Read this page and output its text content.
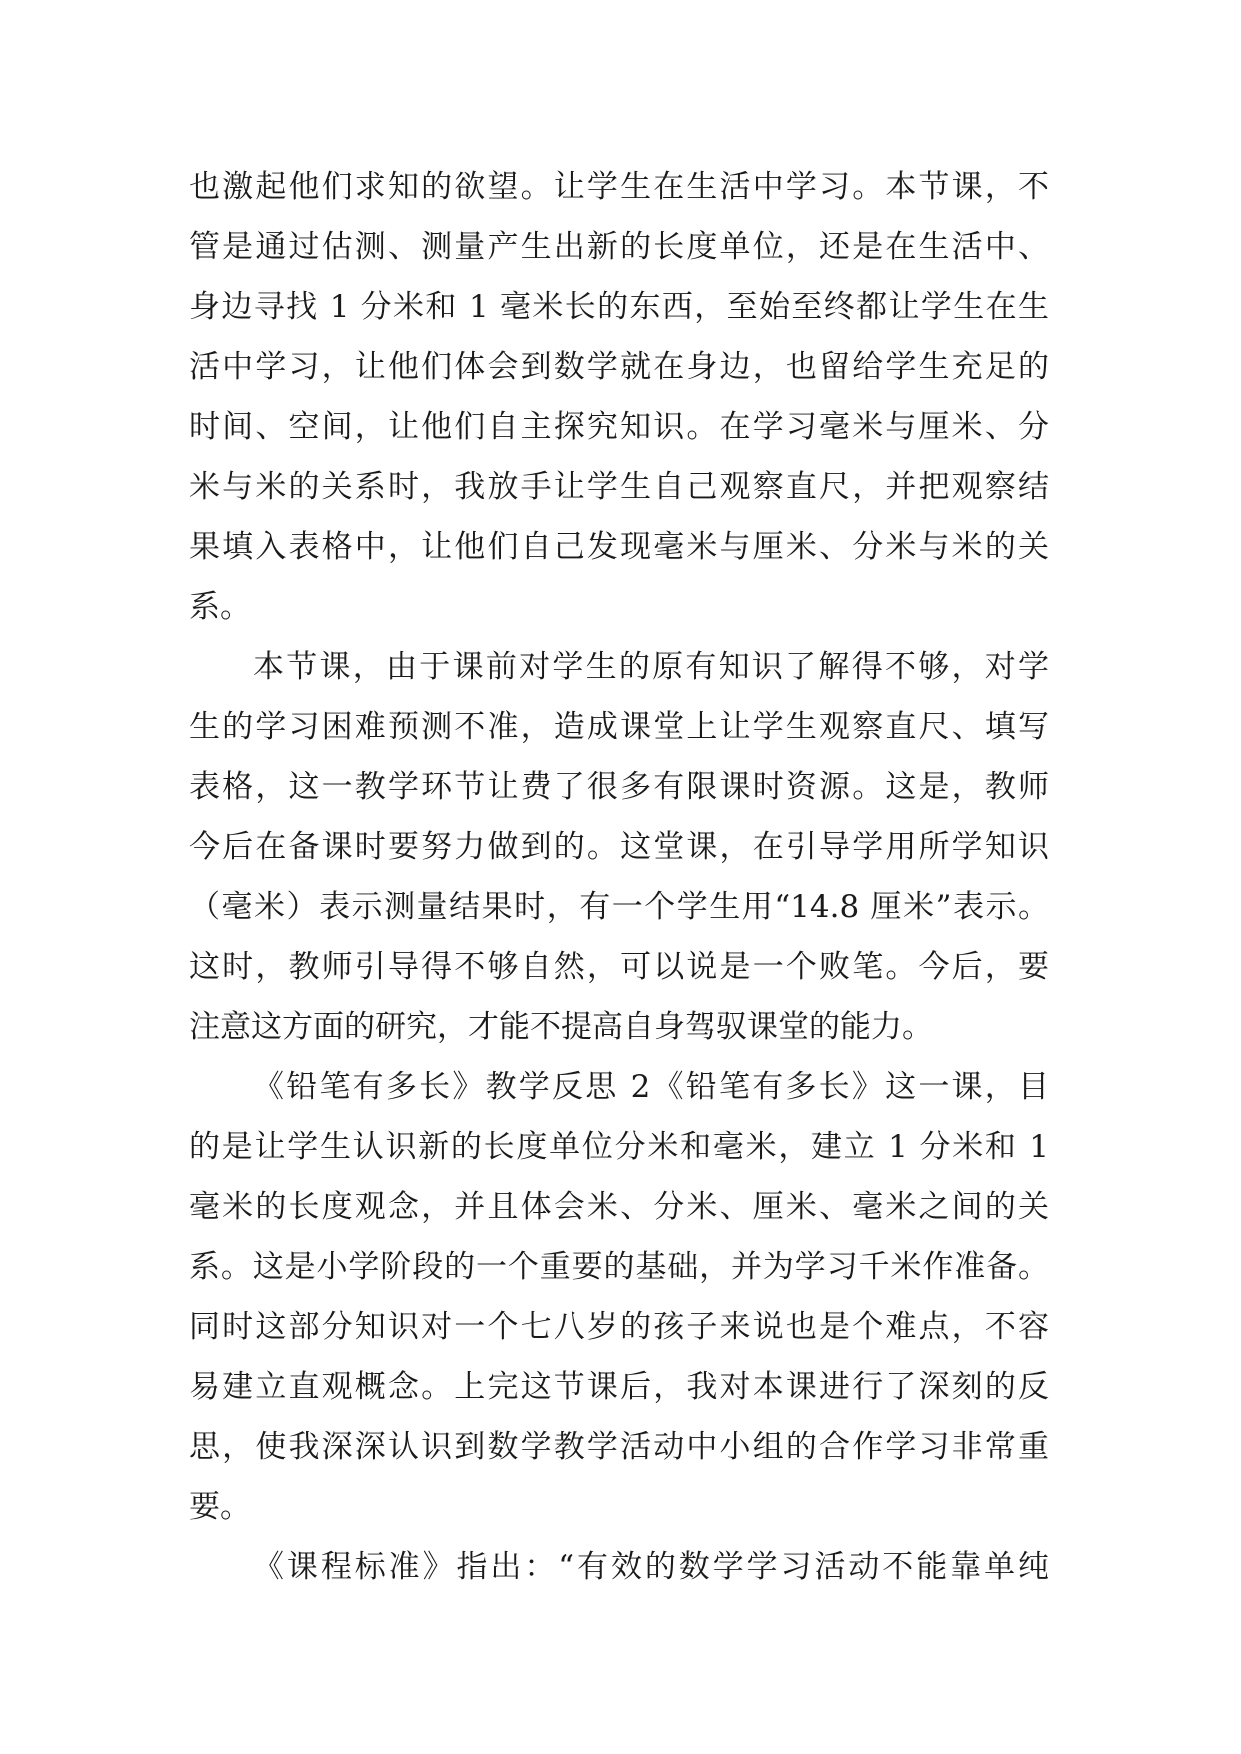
也激起他们求知的欲望。让学生在生活中学习。本节课，不
管是通过估测、测量产生出新的长度单位，还是在生活中、
身边寻找 1 分米和 1 毫米长的东西，至始至终都让学生在生
活中学习，让他们体会到数学就在身边，也留给学生充足的
时间、空间，让他们自主探究知识。在学习毫米与厘米、分
米与米的关系时，我放手让学生自己观察直尺，并把观察结
果填入表格中，让他们自己发现毫米与厘米、分米与米的关
系。
本节课，由于课前对学生的原有知识了解得不够，对学
生的学习困难预测不准，造成课堂上让学生观察直尺、填写
表格，这一教学环节让费了很多有限课时资源。这是，教师
今后在备课时要努力做到的。这堂课，在引导学用所学知识
（毫米）表示测量结果时，有一个学生用“14.8 厘米”表示。
这时，教师引导得不够自然，可以说是一个败笔。今后，要
注意这方面的研究，才能不提高自身驾驭课堂的能力。
《铅笔有多长》教学反思 2《铅笔有多长》这一课，目
的是让学生认识新的长度单位分米和毫米，建立 1 分米和 1
毫米的长度观念，并且体会米、分米、厘米、毫米之间的关
系。这是小学阶段的一个重要的基础，并为学习千米作准备。
同时这部分知识对一个七八岁的孩子来说也是个难点，不容
易建立直观概念。上完这节课后，我对本课进行了深刻的反
思，使我深深认识到数学教学活动中小组的合作学习非常重
要。
《课程标准》指出：“有效的数学学习活动不能靠单纯
